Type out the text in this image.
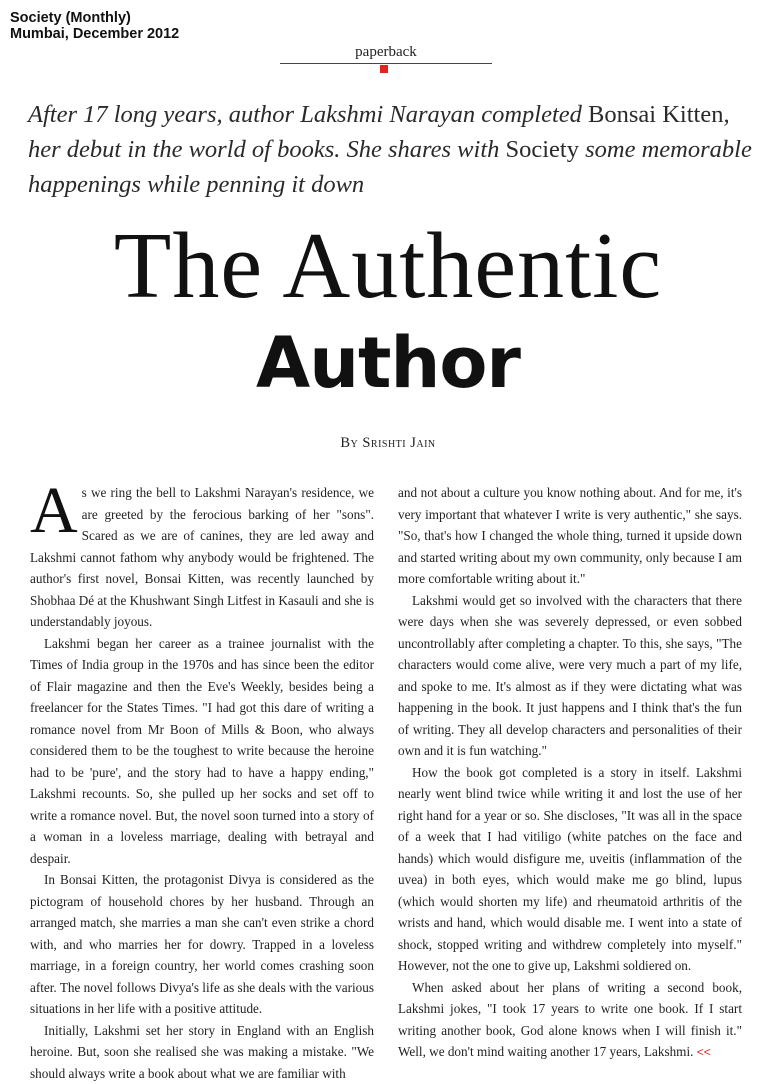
Society (Monthly)
Mumbai, December 2012
paperback
After 17 long years, author Lakshmi Narayan completed Bonsai Kitten, her debut in the world of books. She shares with Society some memorable happenings while penning it down
The Authentic
Author
By Srishti Jain

As we ring the bell to Lakshmi Narayan's residence, we are greeted by the ferocious barking of her "sons". Scared as we are of canines, they are led away and Lakshmi cannot fathom why anybody would be frightened. The author's first novel, Bonsai Kitten, was recently launched by Shobhaa Dé at the Khushwant Singh Litfest in Kasauli and she is understandably joyous.

Lakshmi began her career as a trainee journalist with the Times of India group in the 1970s and has since been the editor of Flair magazine and then the Eve's Weekly, besides being a freelancer for the States Times. "I had got this dare of writing a romance novel from Mr Boon of Mills & Boon, who always considered them to be the toughest to write because the heroine had to be 'pure', and the story had to have a happy ending," Lakshmi recounts. So, she pulled up her socks and set off to write a romance novel. But, the novel soon turned into a story of a woman in a loveless marriage, dealing with betrayal and despair.

In Bonsai Kitten, the protagonist Divya is considered as the pictogram of household chores by her husband. Through an arranged match, she marries a man she can't even strike a chord with, and who marries her for dowry. Trapped in a loveless marriage, in a foreign country, her world comes crashing soon after. The novel follows Divya's life as she deals with the various situations in her life with a positive attitude.

Initially, Lakshmi set her story in England with an English heroine. But, soon she realised she was making a mistake. "We should always write a book about what we are familiar with

and not about a culture you know nothing about. And for me, it's very important that whatever I write is very authentic," she says. "So, that's how I changed the whole thing, turned it upside down and started writing about my own community, only because I am more comfortable writing about it."

Lakshmi would get so involved with the characters that there were days when she was severely depressed, or even sobbed uncontrollably after completing a chapter. To this, she says, "The characters would come alive, were very much a part of my life, and spoke to me. It's almost as if they were dictating what was happening in the book. It just happens and I think that's the fun of writing. They all develop characters and personalities of their own and it is fun watching."

How the book got completed is a story in itself. Lakshmi nearly went blind twice while writing it and lost the use of her right hand for a year or so. She discloses, "It was all in the space of a week that I had vitiligo (white patches on the face and hands) which would disfigure me, uveitis (inflammation of the uvea) in both eyes, which would make me go blind, lupus (which would shorten my life) and rheumatoid arthritis of the wrists and hand, which would disable me. I went into a state of shock, stopped writing and withdrew completely into myself." However, not the one to give up, Lakshmi soldiered on.

When asked about her plans of writing a second book, Lakshmi jokes, "I took 17 years to write one book. If I start writing another book, God alone knows when I will finish it." Well, we don't mind waiting another 17 years, Lakshmi. <<
